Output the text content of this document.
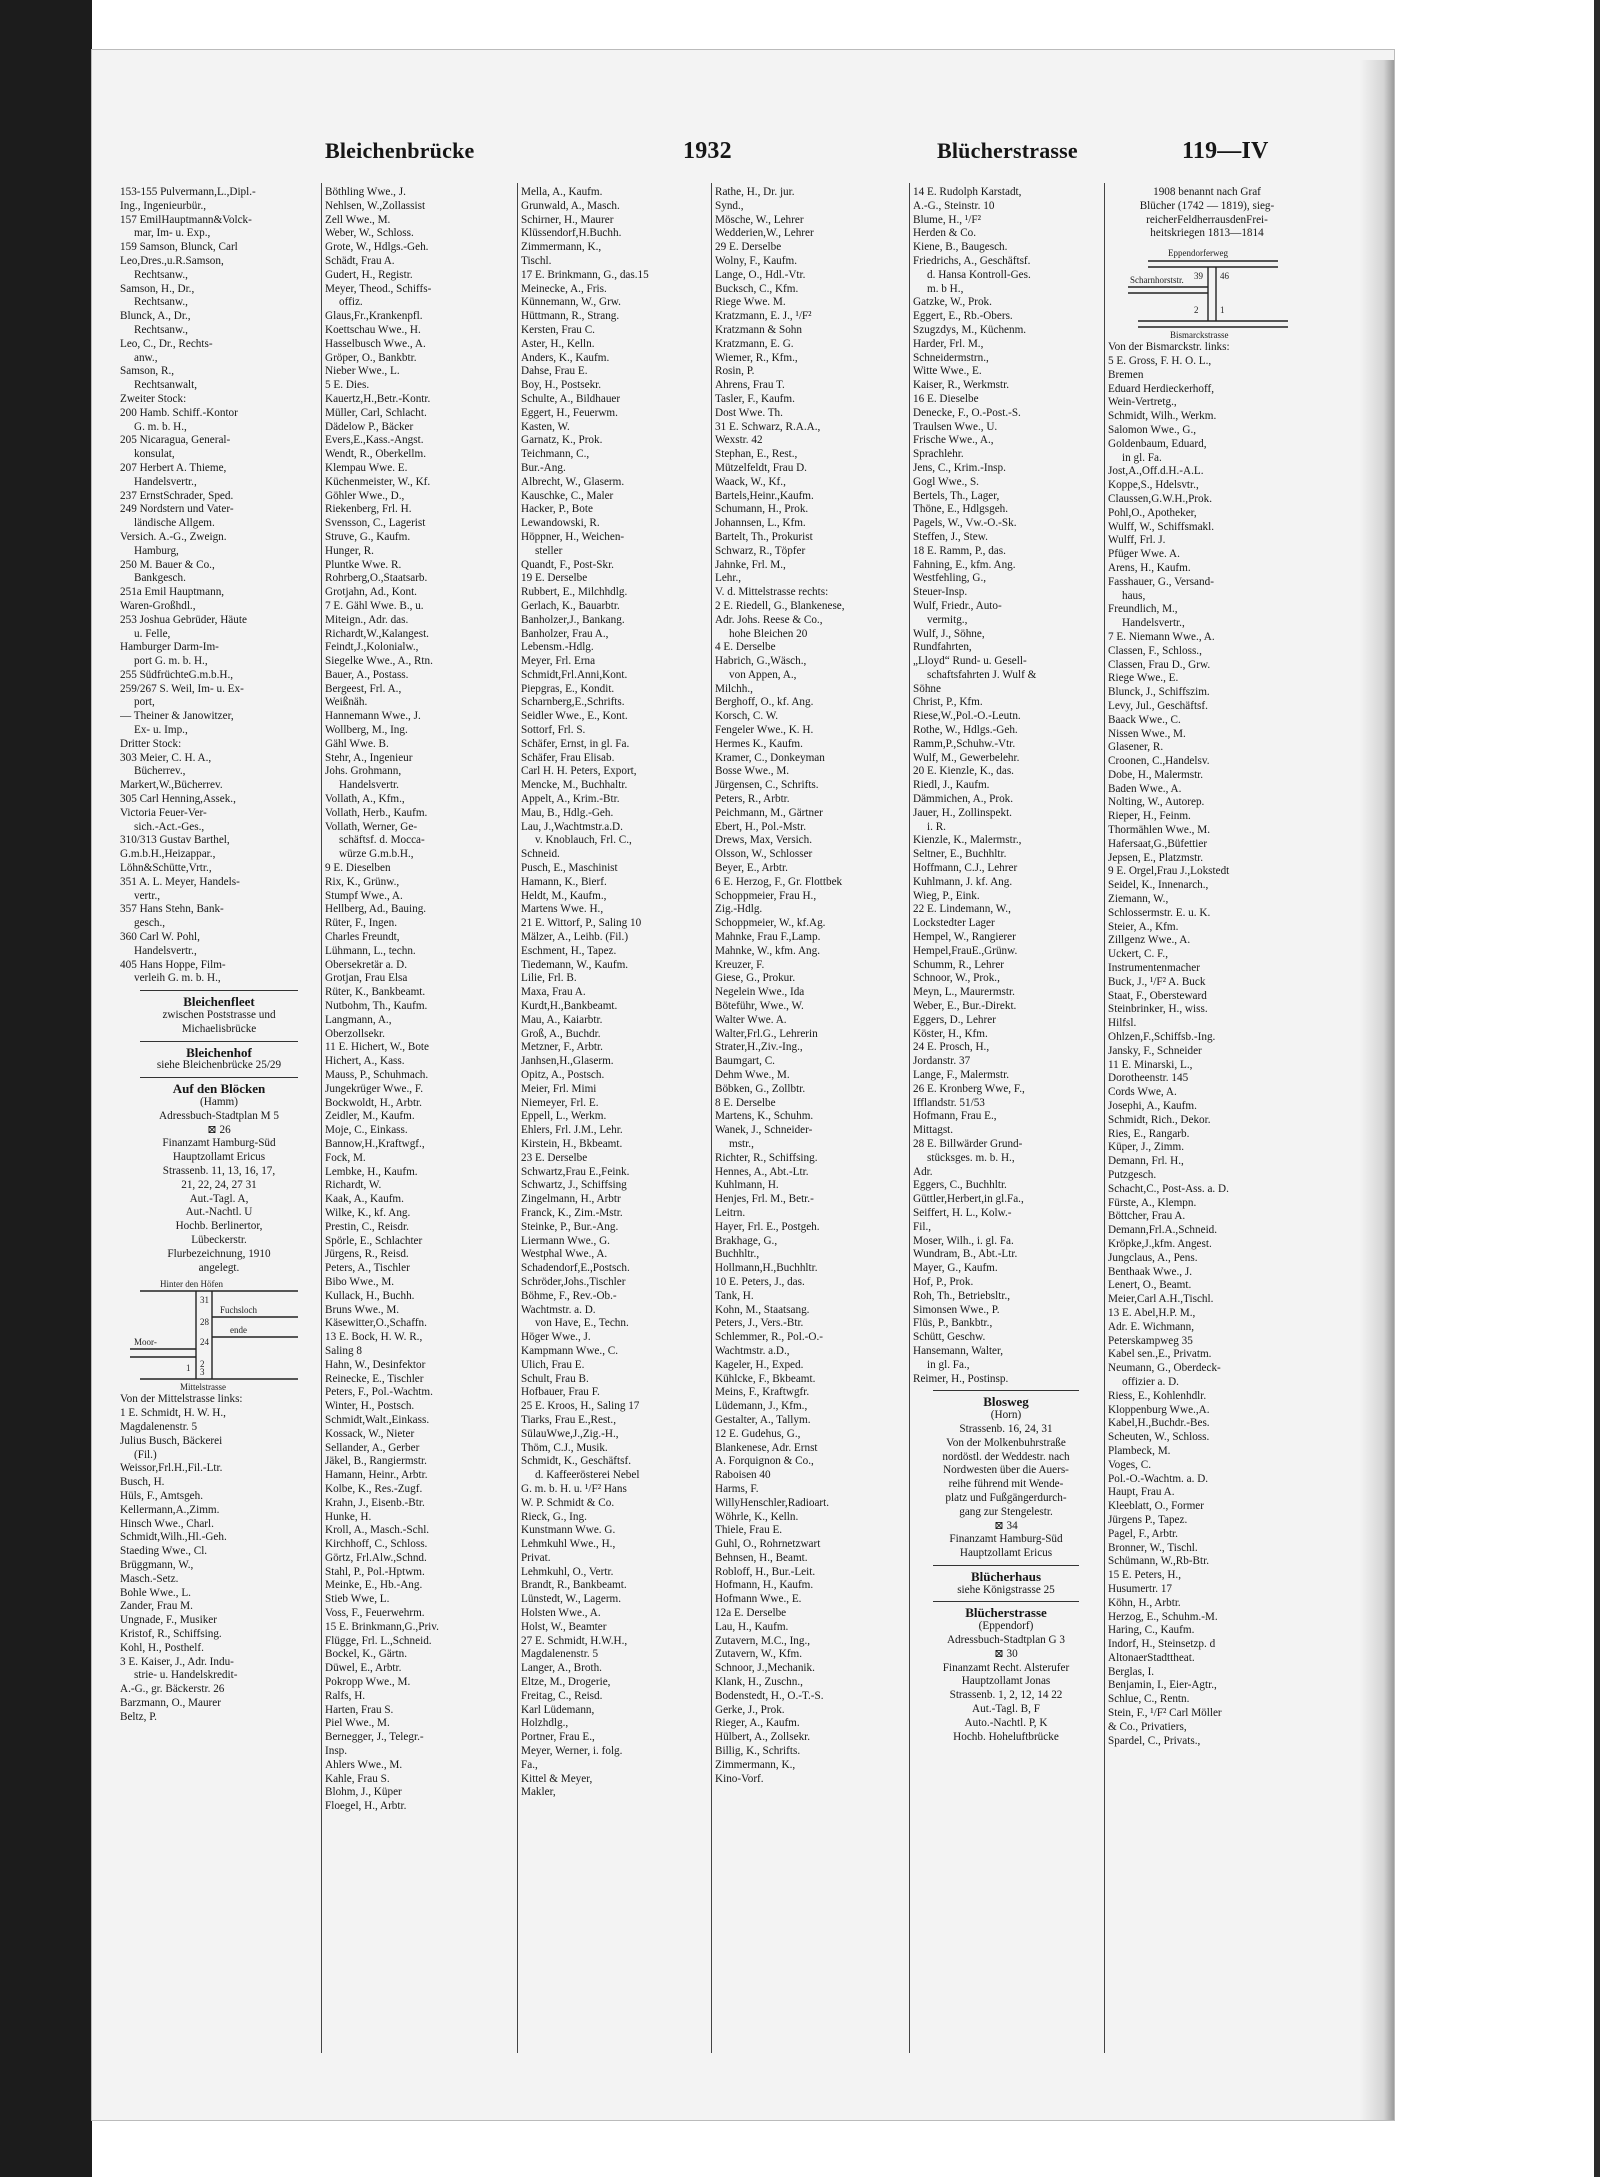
Bleichenbrücke	1932	Blücherstrasse	119—IV
153-155 Pulvermann,L.,Dipl.-
Ing., Ingenieurbür.,
157 EmilHauptmann&Volck-
mar, Im- u. Exp.,
159 Samson, Blunck, Carl
Leo,Dres.,u.R.Samson,
Rechtsanw.,
Samson, H., Dr.,
Rechtsanw.,
Blunck, A., Dr.,
Rechtsanw.,
Leo, C., Dr., Rechts-
anw.,
Samson, R.,
Rechtsanwalt,
Zweiter Stock:
200 Hamb. Schiff.-Kontor
G. m. b. H.,
205 Nicaragua, General-
konsulat,
207 Herbert A. Thieme,
Handelsvertr.,
237 ErnstSchrader, Sped.
249 Nordstern und Vater-
ländische Allgem.
Versich. A.-G., Zweign.
Hamburg,
250 M. Bauer & Co.,
Bankgesch.
251a Emil Hauptmann,
Waren-Großhdl.,
253 Joshua Gebrüder, Häute
u. Felle,
Hamburger Darm-Im-
port G. m. b. H.,
255 SüdfrüchteG.m.b.H.,
259/267 S. Weil, Im- u. Ex-
port,
— Theiner & Janowitzer,
Ex- u. Imp.,
Dritter Stock:
303 Meier, C. H. A.,
Bücherrev.,
Markert,W.,Bücherrev.
305 Carl Henning,Assek.,
Victoria Feuer-Ver-
sich.-Act.-Ges.,
310/313 Gustav Barthel,
G.m.b.H.,Heizappar.,
Löhn&Schütte,Vrtr.,
351 A. L. Meyer, Handels-
vertr.,
357 Hans Stehn, Bank-
gesch.,
360 Carl W. Pohl,
Handelsvertr.,
405 Hans Hoppe, Film-
verleih G. m. b. H.,
Bleichenfleet
zwischen Poststrasse und
Michaelisbrücke
Bleichenhof
siehe Bleichenbrücke 25/29
Auf den Blöcken
(Hamm)
Adressbuch-Stadtplan M 5
⊠ 26
Finanzamt Hamburg-Süd
Hauptzollamt Ericus
Strassenb. 11, 13, 16, 17,
21, 22, 24, 27 31
Aut.-Tagl. A,
Aut.-Nachtl. U
Hochb. Berlinertor,
Lübeckerstr.
Flurbezeichnung, 1910
angelegt.
Hinter den Höfen
Fuchsloch
Moor-
ende
Mittelstrasse
31
28
24
1 2
3
Von der Mittelstrasse links:
1 E. Schmidt, H. W. H.,
Magdalenenstr. 5
Julius Busch, Bäckerei
(Fil.)
Weissor,Frl.H.,Fil.-Ltr.
Busch, H.
Hüls, F., Amtsgeh.
Kellermann,A.,Zimm.
Hinsch Wwe., Charl.
Schmidt,Wilh.,Hl.-Geh.
Staeding Wwe., Cl.
Brüggmann, W.,
Masch.-Setz.
Bohle Wwe., L.
Zander, Frau M.
Ungnade, F., Musiker
Kristof, R., Schiffsing.
Kohl, H., Posthelf.
3 E. Kaiser, J., Adr. Indu-
strie- u. Handelskredit-
A.-G., gr. Bäckerstr. 26
Barzmann, O., Maurer
Beltz, P.
Böthling Wwe., J.
Nehlsen, W.,Zollassist
Zell Wwe., M.
Weber, W., Schloss.
Grote, W., Hdlgs.-Geh.
Schädt, Frau A.
Gudert, H., Registr.
Meyer, Theod., Schiffs-
offiz.
Glaus,Fr.,Krankenpfl.
Koettschau Wwe., H.
Hasselbusch Wwe., A.
Gröper, O., Bankbtr.
Nieber Wwe., L.
5 E. Dies.
Kauertz,H.,Betr.-Kontr.
Müller, Carl, Schlacht.
Dädelow P., Bäcker
Evers,E.,Kass.-Angst.
Wendt, R., Oberkellm.
Klempau Wwe. E.
Küchenmeister, W., Kf.
Göhler Wwe., D.,
Riekenberg, Frl. H.
Svensson, C., Lagerist
Struve, G., Kaufm.
Hunger, R.
Pluntke Wwe. R.
Rohrberg,O.,Staatsarb.
Grotjahn, Ad., Kont.
7 E. Gähl Wwe. B., u.
Miteign., Adr. das.
Richardt,W.,Kalangest.
Feindt,J.,Kolonialw.,
Siegelke Wwe., A., Rtn.
Bauer, A., Postass.
Bergeest, Frl. A.,
Weißnäh.
Hannemann Wwe., J.
Wollberg, M., Ing.
Gähl Wwe. B.
Stehr, A., Ingenieur
Johs. Grohmann,
Handelsvertr.
Vollath, A., Kfm.,
Vollath, Herb., Kaufm.
Vollath, Werner, Ge-
schäftsf. d. Mocca-
würze G.m.b.H.,
9 E. Dieselben
Rix, K., Grünw.,
Stumpf Wwe., A.
Hellberg, Ad., Bauing.
Rüter, F., Ingen.
Charles Freundt,
Lühmann, L., techn.
Obersekretär a. D.
Grotjan, Frau Elsa
Rüter, K., Bankbeamt.
Nutbohm, Th., Kaufm.
Langmann, A.,
Oberzollsekr.
11 E. Hichert, W., Bote
Hichert, A., Kass.
Mauss, P., Schuhmach.
Jungekrüger Wwe., F.
Bockwoldt, H., Arbtr.
Zeidler, M., Kaufm.
Moje, C., Einkass.
Bannow,H.,Kraftwgf.,
Fock, M.
Lembke, H., Kaufm.
Richardt, W.
Kaak, A., Kaufm.
Wilke, K., kf. Ang.
Prestin, C., Reisdr.
Spörle, E., Schlachter
Jürgens, R., Reisd.
Peters, A., Tischler
Bibo Wwe., M.
Kullack, H., Buchh.
Bruns Wwe., M.
Käsewitter,O.,Schaffn.
13 E. Bock, H. W. R.,
Saling 8
Hahn, W., Desinfektor
Reinecke, E., Tischler
Peters, F., Pol.-Wachtm.
Winter, H., Postsch.
Schmidt,Walt.,Einkass.
Kossack, W., Nieter
Sellander, A., Gerber
Jäkel, B., Rangiermstr.
Hamann, Heinr., Arbtr.
Kolbe, K., Res.-Zugf.
Krahn, J., Eisenb.-Btr.
Hunke, H.
Kroll, A., Masch.-Schl.
Kirchhoff, C., Schloss.
Görtz, Frl.Alw.,Schnd.
Stahl, P., Pol.-Hptwm.
Meinke, E., Hb.-Ang.
Stieb Wwe, L.
Voss, F., Feuerwehrm.
15 E. Brinkmann,G.,Priv.
Flügge, Frl. L.,Schneid.
Bockel, K., Gärtn.
Düwel, E., Arbtr.
Pokropp Wwe., M.
Ralfs, H.
Harten, Frau S.
Piel Wwe., M.
Bernegger, J., Telegr.-
Insp.
Ahlers Wwe., M.
Kahle, Frau S.
Blohm, J., Küper
Floegel, H., Arbtr.
Mella, A., Kaufm.
Grunwald, A., Masch.
Schirner, H., Maurer
Klüssendorf,H.Buchh.
Zimmermann, K.,
Tischl.
17 E. Brinkmann, G., das.15
Meinecke, A., Fris.
Künnemann, W., Grw.
Hüttmann, R., Strang.
Kersten, Frau C.
Aster, H., Kelln.
Anders, K., Kaufm.
Dahse, Frau E.
Boy, H., Postsekr.
Schulte, A., Bildhauer
Eggert, H., Feuerwm.
Kasten, W.
Garnatz, K., Prok.
Teichmann, C.,
Bur.-Ang.
Albrecht, W., Glaserm.
Kauschke, C., Maler
Hacker, P., Bote
Lewandowski, R.
Höppner, H., Weichen-
steller
Quandt, F., Post-Skr.
19 E. Derselbe
Rubbert, E., Milchhdlg.
Gerlach, K., Bauarbtr.
Banholzer,J., Bankang.
Banholzer, Frau A.,
Lebensm.-Hdlg.
Meyer, Frl. Erna
Schmidt,Frl.Anni,Kont.
Piepgras, E., Kondit.
Scharnberg,E.,Schrifts.
Seidler Wwe., E., Kont.
Sottorf, Frl. S.
Schäfer, Ernst, in gl. Fa.
Schäfer, Frau Elisab.
Carl H. H. Peters, Export,
Mencke, M., Buchhaltr.
Appelt, A., Krim.-Btr.
Mau, B., Hdlg.-Geh.
Lau, J.,Wachtmstr.a.D.
v. Knoblauch, Frl. C.,
Schneid.
Pusch, E., Maschinist
Hamann, K., Bierf.
Heldt, M., Kaufm.,
Martens Wwe. H.,
21 E. Wittorf, P., Saling 10
Mälzer, A., Leihb. (Fil.)
Eschment, H., Tapez.
Tiedemann, W., Kaufm.
Lilie, Frl. B.
Maxa, Frau A.
Kurdt,H.,Bankbeamt.
Mau, A., Kaiarbtr.
Groß, A., Buchdr.
Metzner, F., Arbtr.
Janhsen,H.,Glaserm.
Opitz, A., Postsch.
Meier, Frl. Mimi
Niemeyer, Frl. E.
Eppell, L., Werkm.
Ehlers, Frl. J.M., Lehr.
Kirstein, H., Bkbeamt.
23 E. Derselbe
Schwartz,Frau E.,Feink.
Schwartz, J., Schiffsing
Zingelmann, H., Arbtr
Franck, K., Zim.-Mstr.
Steinke, P., Bur.-Ang.
Liermann Wwe., G.
Westphal Wwe., A.
Schadendorf,E.,Postsch.
Schröder,Johs.,Tischler
Böhme, F., Rev.-Ob.-
Wachtmstr. a. D.
von Have, E., Techn.
Höger Wwe., J.
Kampmann Wwe., C.
Ulich, Frau E.
Schult, Frau B.
Hofbauer, Frau F.
25 E. Kroos, H., Saling 17
Tiarks, Frau E.,Rest.,
SülauWwe,J.,Zig.-H.,
Thöm, C.J., Musik.
Schmidt, K., Geschäftsf.
d. Kaffeerösterei Nebel
G. m. b. H. u. ¹/F² Hans
W. P. Schmidt & Co.
Rieck, G., Ing.
Kunstmann Wwe. G.
Lehmkuhl Wwe., H.,
Privat.
Lehmkuhl, O., Vertr.
Brandt, R., Bankbeamt.
Lünstedt, W., Lagerm.
Holsten Wwe., A.
Holst, W., Beamter
27 E. Schmidt, H.W.H.,
Magdalenenstr. 5
Langer, A., Broth.
Eltze, M., Drogerie,
Freitag, C., Reisd.
Karl Lüdemann,
Holzhdlg.,
Portner, Frau E.,
Meyer, Werner, i. folg.
Fa.,
Kittel & Meyer,
Makler,
Rathe, H., Dr. jur.
Synd.,
Mösche, W., Lehrer
Wedderien,W., Lehrer
29 E. Derselbe
Wolny, F., Kaufm.
Lange, O., Hdl.-Vtr.
Bucksch, C., Kfm.
Riege Wwe. M.
Kratzmann, E. J., ¹/F²
Kratzmann & Sohn
Kratzmann, E. G.
Wiemer, R., Kfm.,
Rosin, P.
Ahrens, Frau T.
Tasler, F., Kaufm.
Dost Wwe. Th.
31 E. Schwarz, R.A.A.,
Wexstr. 42
Stephan, E., Rest.,
Mützelfeldt, Frau D.
Waack, W., Kf.,
Bartels,Heinr.,Kaufm.
Schumann, H., Prok.
Johannsen, L., Kfm.
Bartelt, Th., Prokurist
Schwarz, R., Töpfer
Jahnke, Frl. M.,
Lehr.,
V. d. Mittelstrasse rechts:
2 E. Riedell, G., Blankenese,
Adr. Johs. Reese & Co.,
hohe Bleichen 20
4 E. Derselbe
Habrich, G.,Wäsch.,
von Appen, A.,
Milchh.,
Berghoff, O., kf. Ang.
Korsch, C. W.
Fengeler Wwe., K. H.
Hermes K., Kaufm.
Kramer, C., Donkeyman
Bosse Wwe., M.
Jürgensen, C., Schrifts.
Peters, R., Arbtr.
Peichmann, M., Gärtner
Ebert, H., Pol.-Mstr.
Drews, Max, Versich.
Olsson, W., Schlosser
Beyer, E., Arbtr.
6 E. Herzog, F., Gr. Flottbek
Schoppmeier, Frau H.,
Zig.-Hdlg.
Schoppmeier, W., kf.Ag.
Mahnke, Frau F.,Lamp.
Mahnke, W., kfm. Ang.
Kreuzer, F.
Giese, G., Prokur.
Negelein Wwe., Ida
Böteführ, Wwe., W.
Walter Wwe. A.
Walter,Frl.G., Lehrerin
Strater,H.,Ziv.-Ing.,
Baumgart, C.
Dehm Wwe., M.
Böbken, G., Zollbtr.
8 E. Derselbe
Martens, K., Schuhm.
Wanek, J., Schneider-
mstr.,
Richter, R., Schiffsing.
Hennes, A., Abt.-Ltr.
Kuhlmann, H.
Henjes, Frl. M., Betr.-
Leitrn.
Hayer, Frl. E., Postgeh.
Brakhage, G.,
Buchhltr.,
Hollmann,H.,Buchhltr.
10 E. Peters, J., das.
Tank, H.
Kohn, M., Staatsang.
Peters, J., Vers.-Btr.
Schlemmer, R., Pol.-O.-
Wachtmstr. a.D.,
Kageler, H., Exped.
Kühlcke, F., Bkbeamt.
Meins, F., Kraftwgfr.
Lüdemann, J., Kfm.,
Gestalter, A., Tallym.
12 E. Gudehus, G.,
Blankenese, Adr. Ernst
A. Forquignon & Co.,
Raboisen 40
Harms, F.
WillyHenschler,Radioart.
Wöhrle, K., Kelln.
Thiele, Frau E.
Guhl, O., Rohrnetzwart
Behnsen, H., Beamt.
Robloff, H., Bur.-Leit.
Hofmann, H., Kaufm.
Hofmann Wwe., E.
12a E. Derselbe
Lau, H., Kaufm.
Zutavern, M.C., Ing.,
Zutavern, W., Kfm.
Schnoor, J.,Mechanik.
Klank, H., Zuschn.,
Bodenstedt, H., O.-T.-S.
Gerke, J., Prok.
Rieger, A., Kaufm.
Hülbert, A., Zollsekr.
Billig, K., Schrifts.
Zimmermann, K.,
Kino-Vorf.
14 E. Rudolph Karstadt,
A.-G., Steinstr. 10
Blume, H., ¹/F²
Herden & Co.
Kiene, B., Baugesch.
Friedrichs, A., Geschäftsf.
d. Hansa Kontroll-Ges.
m. b H.,
Gatzke, W., Prok.
Eggert, E., Rb.-Obers.
Szugzdys, M., Küchenm.
Harder, Frl. M.,
Schneidermstrn.,
Witte Wwe., E.
Kaiser, R., Werkmstr.
16 E. Dieselbe
Denecke, F., O.-Post.-S.
Traulsen Wwe., U.
Frische Wwe., A.,
Sprachlehr.
Jens, C., Krim.-Insp.
Gogl Wwe., S.
Bertels, Th., Lager,
Thöne, E., Hdlgsgeh.
Pagels, W., Vw.-O.-Sk.
Steffen, J., Stew.
18 E. Ramm, P., das.
Fahning, E., kfm. Ang.
Westfehling, G.,
Steuer-Insp.
Wulf, Friedr., Auto-
vermitg.,
Wulf, J., Söhne,
Rundfahrten,
„Lloyd“ Rund- u. Gesell-
schaftsfahrten J. Wulf &
Söhne
Christ, P., Kfm.
Riese,W.,Pol.-O.-Leutn.
Rothe, W., Hdlgs.-Geh.
Ramm,P.,Schuhw.-Vtr.
Wulf, M., Gewerbelehr.
20 E. Kienzle, K., das.
Riedl, J., Kaufm.
Dämmichen, A., Prok.
Jauer, H., Zollinspekt.
i. R.
Kienzle, K., Malermstr.,
Seltner, E., Buchhltr.
Hoffmann, C.J., Lehrer
Kuhlmann, J. kf. Ang.
Wieg, P., Eink.
22 E. Lindemann, W.,
Lockstedter Lager
Hempel, W., Rangierer
Hempel,FrauE.,Grünw.
Schumm, R., Lehrer
Schnoor, W., Prok.,
Meyn, L., Maurermstr.
Weber, E., Bur.-Direkt.
Eggers, D., Lehrer
Köster, H., Kfm.
24 E. Prosch, H.,
Jordanstr. 37
Lange, F., Malermstr.
26 E. Kronberg Wwe, F.,
Ifflandstr. 51/53
Hofmann, Frau E.,
Mittagst.
28 E. Billwärder Grund-
stücksges. m. b. H.,
Adr.
Eggers, C., Buchhltr.
Güttler,Herbert,in gl.Fa.,
Seiffert, H. L., Kolw.-
Fil.,
Moser, Wilh., i. gl. Fa.
Wundram, B., Abt.-Ltr.
Mayer, G., Kaufm.
Hof, P., Prok.
Roh, Th., Betriebsltr.,
Simonsen Wwe., P.
Flüs, P., Bankbtr.,
Schütt, Geschw.
Hansemann, Walter,
in gl. Fa.,
Reimer, H., Postinsp.
Blosweg
(Horn)
Strassenb. 16, 24, 31
Von der Molkenbuhrstraße
nordöstl. der Weddestr. nach
Nordwesten über die Auers-
reihe führend mit Wende-
platz und Fußgängerdurch-
gang zur Stengelestr.
⊠ 34
Finanzamt Hamburg-Süd
Hauptzollamt Ericus
Blücherhaus
siehe Königstrasse 25
Blücherstrasse
(Eppendorf)
Adressbuch-Stadtplan G 3
⊠ 30
Finanzamt Recht. Alsterufer
Hauptzollamt Jonas
Strassenb. 1, 2, 12, 14 22
Aut.-Tagl. B, F
Auto.-Nachtl. P, K
Hochb. Hoheluftbrücke
1908 benannt nach Graf
Blücher (1742 — 1819), sieg-
reicherFeldherrausdenFrei-
heitskriegen 1813—1814
Eppendorferweg
Scharnhorststr.
Bismarckstrasse
39 46
2 1
Von der Bismarckstr. links:
5 E. Gross, F. H. O. L.,
Bremen
Eduard Herdieckerhoff,
Wein-Vertretg.,
Schmidt, Wilh., Werkm.
Salomon Wwe., G.,
Goldenbaum, Eduard,
in gl. Fa.
Jost,A.,Off.d.H.-A.L.
Koppe,S., Hdelsvtr.,
Claussen,G.W.H.,Prok.
Pohl,O., Apotheker,
Wulff, W., Schiffsmakl.
Wulff, Frl. J.
Pfüger Wwe. A.
Arens, H., Kaufm.
Fasshauer, G., Versand-
haus,
Freundlich, M.,
Handelsvertr.,
7 E. Niemann Wwe., A.
Classen, F., Schloss.,
Classen, Frau D., Grw.
Riege Wwe., E.
Blunck, J., Schiffszim.
Levy, Jul., Geschäftsf.
Baack Wwe., C.
Nissen Wwe., M.
Glasener, R.
Croonen, C.,Handelsv.
Dobe, H., Malermstr.
Baden Wwe., A.
Nolting, W., Autorep.
Rieper, H., Feinm.
Thormählen Wwe., M.
Hafersaat,G.,Büfettier
Jepsen, E., Platzmstr.
9 E. Orgel,Frau J.,Lokstedt
Seidel, K., Innenarch.,
Ziemann, W.,
Schlossermstr. E. u. K.
Steier, A., Kfm.
Zillgenz Wwe., A.
Uckert, C. F.,
Instrumentenmacher
Buck, J., ¹/F² A. Buck
Staat, F., Obersteward
Steinbrinker, H., wiss.
Hilfsl.
Ohlzen,F.,Schiffsb.-Ing.
Jansky, F., Schneider
11 E. Minarski, L.,
Dorotheenstr. 145
Cords Wwe, A.
Josephi, A., Kaufm.
Schmidt, Rich., Dekor.
Ries, E., Rangarb.
Küper, J., Zimm.
Demann, Frl. H.,
Putzgesch.
Schacht,C., Post-Ass. a. D.
Fürste, A., Klempn.
Böttcher, Frau A.
Demann,Frl.A.,Schneid.
Kröpke,J.,kfm. Angest.
Jungclaus, A., Pens.
Benthaak Wwe., J.
Lenert, O., Beamt.
Meier,Carl A.H.,Tischl.
13 E. Abel,H.P. M.,
Adr. E. Wichmann,
Peterskampweg 35
Kabel sen.,E., Privatm.
Neumann, G., Oberdeck-
offizier a. D.
Riess, E., Kohlenhdlr.
Kloppenburg Wwe.,A.
Kabel,H.,Buchdr.-Bes.
Scheuten, W., Schloss.
Plambeck, M.
Voges, C.
Pol.-O.-Wachtm. a. D.
Haupt, Frau A.
Kleeblatt, O., Former
Jürgens P., Tapez.
Pagel, F., Arbtr.
Bronner, W., Tischl.
Schümann, W.,Rb-Btr.
15 E. Peters, H.,
Husumertr. 17
Köhn, H., Arbtr.
Herzog, E., Schuhm.-M.
Haring, C., Kaufm.
Indorf, H., Steinsetzp. d
AltonaerStadttheat.
Berglas, I.
Benjamin, I., Eier-Agtr.,
Schlue, C., Rentn.
Stein, F., ¹/F² Carl Möller
& Co., Privatiers,
Spardel, C., Privats.,
